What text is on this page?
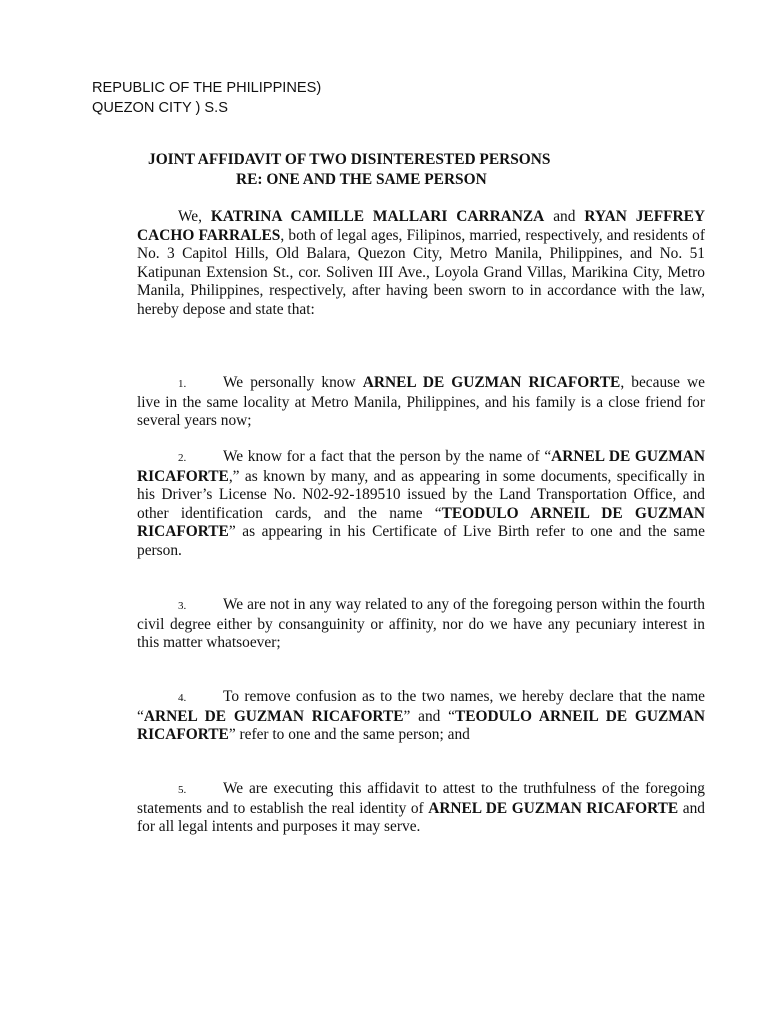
REPUBLIC OF THE PHILIPPINES)
QUEZON CITY ) S.S
JOINT AFFIDAVIT OF TWO DISINTERESTED PERSONS
RE: ONE AND THE SAME PERSON
We, KATRINA CAMILLE MALLARI CARRANZA and RYAN JEFFREY CACHO FARRALES, both of legal ages, Filipinos, married, respectively, and residents of No. 3 Capitol Hills, Old Balara, Quezon City, Metro Manila, Philippines, and No. 51 Katipunan Extension St., cor. Soliven III Ave., Loyola Grand Villas, Marikina City, Metro Manila, Philippines, respectively, after having been sworn to in accordance with the law, hereby depose and state that:
1. We personally know ARNEL DE GUZMAN RICAFORTE, because we live in the same locality at Metro Manila, Philippines, and his family is a close friend for several years now;
2. We know for a fact that the person by the name of “ARNEL DE GUZMAN RICAFORTE,” as known by many, and as appearing in some documents, specifically in his Driver’s License No. N02-92-189510 issued by the Land Transportation Office, and other identification cards, and the name “TEODULO ARNEIL DE GUZMAN RICAFORTE” as appearing in his Certificate of Live Birth refer to one and the same person.
3. We are not in any way related to any of the foregoing person within the fourth civil degree either by consanguinity or affinity, nor do we have any pecuniary interest in this matter whatsoever;
4. To remove confusion as to the two names, we hereby declare that the name “ARNEL DE GUZMAN RICAFORTE” and “TEODULO ARNEIL DE GUZMAN RICAFORTE” refer to one and the same person; and
5. We are executing this affidavit to attest to the truthfulness of the foregoing statements and to establish the real identity of ARNEL DE GUZMAN RICAFORTE and for all legal intents and purposes it may serve.
